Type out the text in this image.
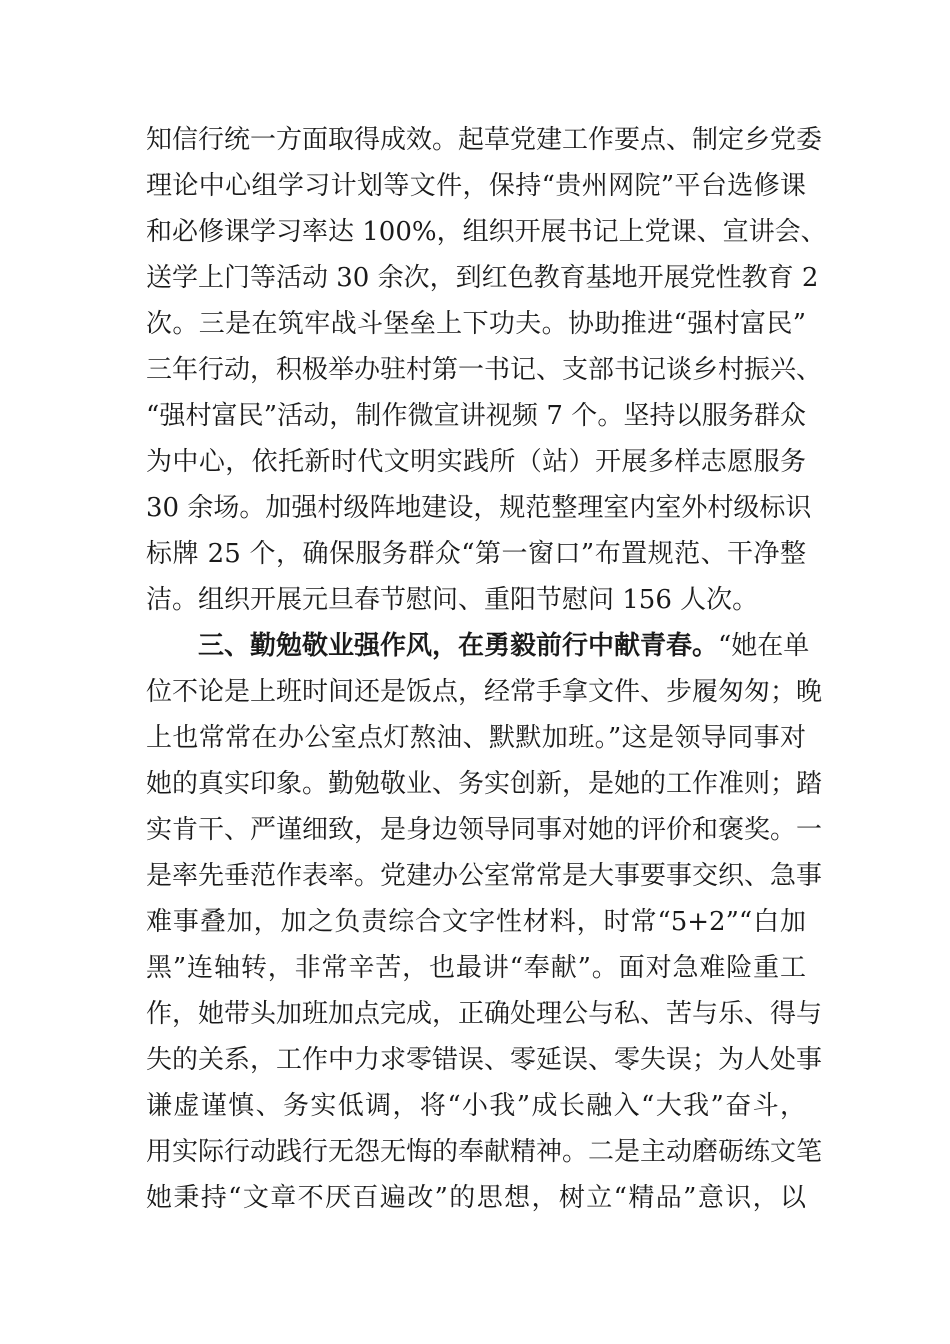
知信行统一方面取得成效。起草党建工作要点、制定乡党委
理论中心组学习计划等文件，保持“贵州网院”平台选修课
和必修课学习率达 100%，组织开展书记上党课、宣讲会、
送学上门等活动 30 余次，到红色教育基地开展党性教育 2
次。三是在筑牢战斗堡垒上下功夫。协助推进“强村富民”
三年行动，积极举办驻村第一书记、支部书记谈乡村振兴、
“强村富民”活动，制作微宣讲视频 7 个。坚持以服务群众
为中心，依托新时代文明实践所（站）开展多样志愿服务
30 余场。加强村级阵地建设，规范整理室内室外村级标识
标牌 25 个，确保服务群众“第一窗口”布置规范、干净整
洁。组织开展元旦春节慰问、重阳节慰问 156 人次。
三、勤勉敬业强作风，在勇毅前行中献青春。“她在单
位不论是上班时间还是饭点，经常手拿文件、步履匆匆；晚
上也常常在办公室点灯熬油、默默加班。”这是领导同事对
她的真实印象。勤勉敬业、务实创新，是她的工作准则；踏
实肯干、严谨细致，是身边领导同事对她的评价和褒奖。一
是率先垂范作表率。党建办公室常常是大事要事交织、急事
难事叠加，加之负责综合文字性材料，时常“5+2”“白加
黑”连轴转，非常辛苦，也最讲“奉献”。面对急难险重工
作，她带头加班加点完成，正确处理公与私、苦与乐、得与
失的关系，工作中力求零错误、零延误、零失误；为人处事
谦虚谨慎、务实低调，将“小我”成长融入“大我”奋斗，
用实际行动践行无怨无悔的奉献精神。二是主动磨砺练文笔
她秉持“文章不厌百遍改”的思想，树立“精品”意识，以
